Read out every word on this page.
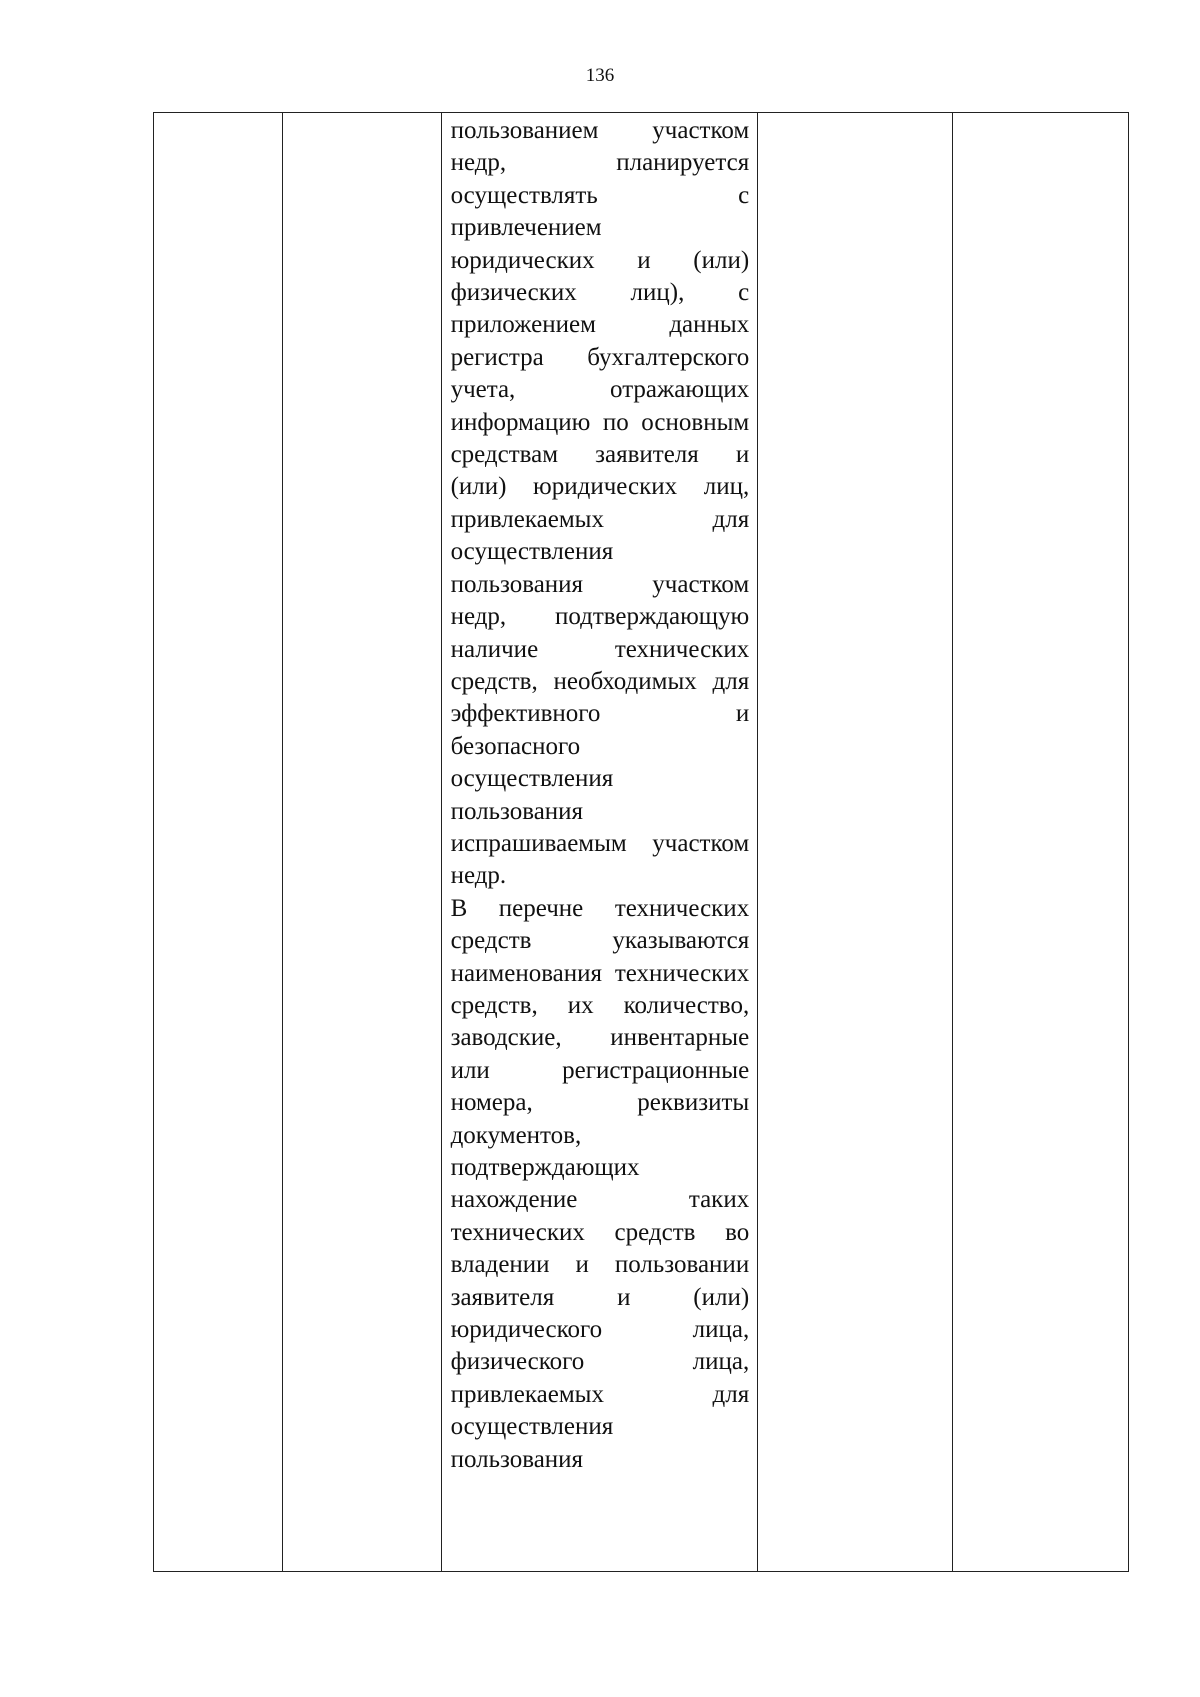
136

пользованием участком недр, планируется осуществлять с привлечением юридических и (или) физических лиц), с приложением данных регистра бухгалтерского учета, отражающих информацию по основным средствам заявителя и (или) юридических лиц, привлекаемых для осуществления пользования участком недр, подтверждающую наличие технических средств, необходимых для эффективного и безопасного осуществления пользования испрашиваемым участком недр.

В перечне технических средств указываются наименования технических средств, их количество, заводские, инвентарные или регистрационные номера, реквизиты документов, подтверждающих нахождение таких технических средств во владении и пользовании заявителя и (или) юридического лица, физического лица, привлекаемых для осуществления пользования
